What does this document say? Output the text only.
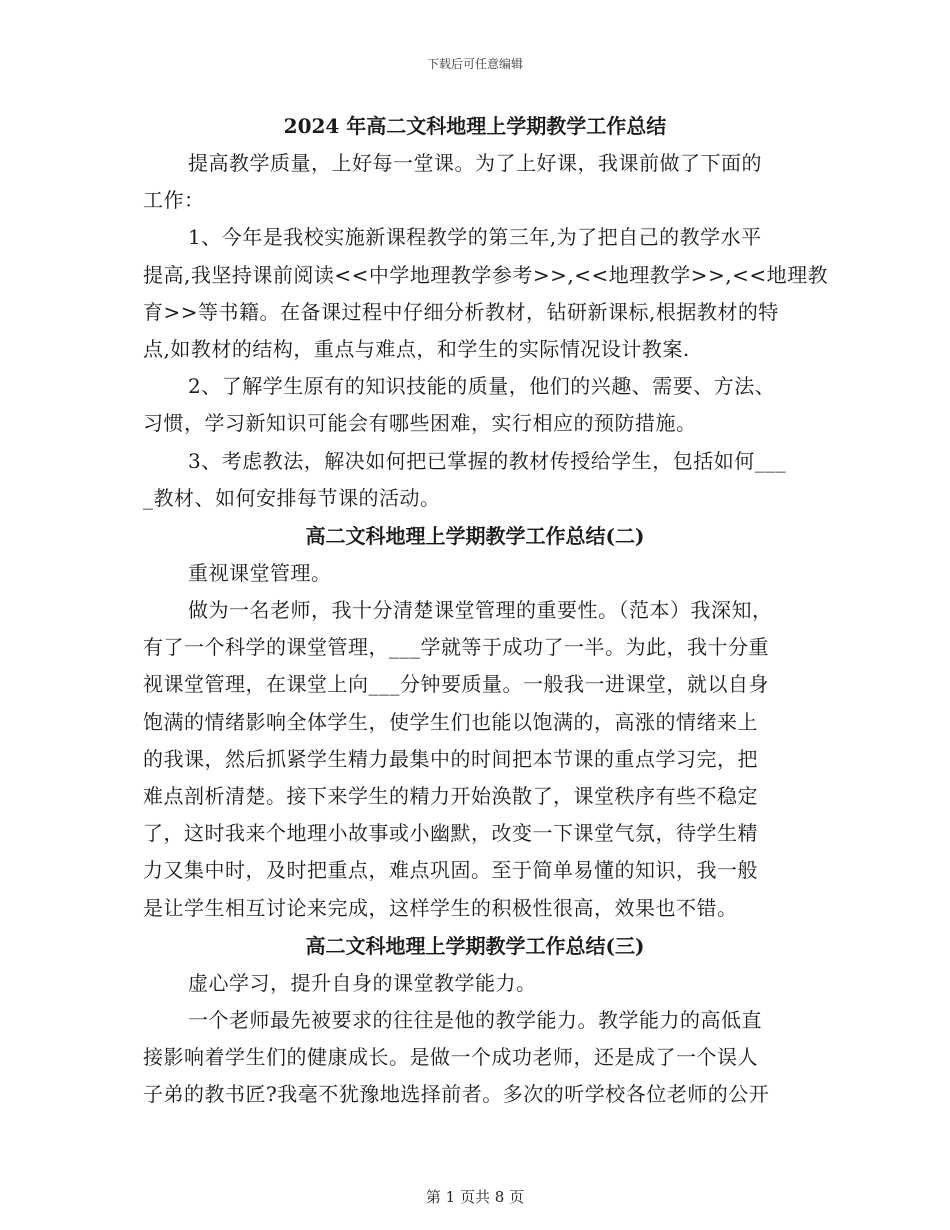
下载后可任意编辑
2024 年高二文科地理上学期教学工作总结
提高教学质量，上好每一堂课。为了上好课，我课前做了下面的
工作：
1、今年是我校实施新课程教学的第三年,为了把自己的教学水平
提高,我坚持课前阅读<<中学地理教学参考>>,<<地理教学>>,<<地理教
育>>等书籍。在备课过程中仔细分析教材，钻研新课标,根据教材的特
点,如教材的结构，重点与难点，和学生的实际情况设计教案.
2、了解学生原有的知识技能的质量，他们的兴趣、需要、方法、
习惯，学习新知识可能会有哪些困难，实行相应的预防措施。
3、考虑教法，解决如何把已掌握的教材传授给学生，包括如何___
_教材、如何安排每节课的活动。
高二文科地理上学期教学工作总结(二)
重视课堂管理。
做为一名老师，我十分清楚课堂管理的重要性。（范本）我深知，
有了一个科学的课堂管理，___学就等于成功了一半。为此，我十分重
视课堂管理，在课堂上向___分钟要质量。一般我一进课堂，就以自身
饱满的情绪影响全体学生，使学生们也能以饱满的，高涨的情绪来上
的我课，然后抓紧学生精力最集中的时间把本节课的重点学习完，把
难点剖析清楚。接下来学生的精力开始涣散了，课堂秩序有些不稳定
了，这时我来个地理小故事或小幽默，改变一下课堂气氛，待学生精
力又集中时，及时把重点，难点巩固。至于简单易懂的知识，我一般
是让学生相互讨论来完成，这样学生的积极性很高，效果也不错。
高二文科地理上学期教学工作总结(三)
虚心学习，提升自身的课堂教学能力。
一个老师最先被要求的往往是他的教学能力。教学能力的高低直
接影响着学生们的健康成长。是做一个成功老师，还是成了一个误人
子弟的教书匠?我毫不犹豫地选择前者。多次的听学校各位老师的公开
第 1 页共 8 页
